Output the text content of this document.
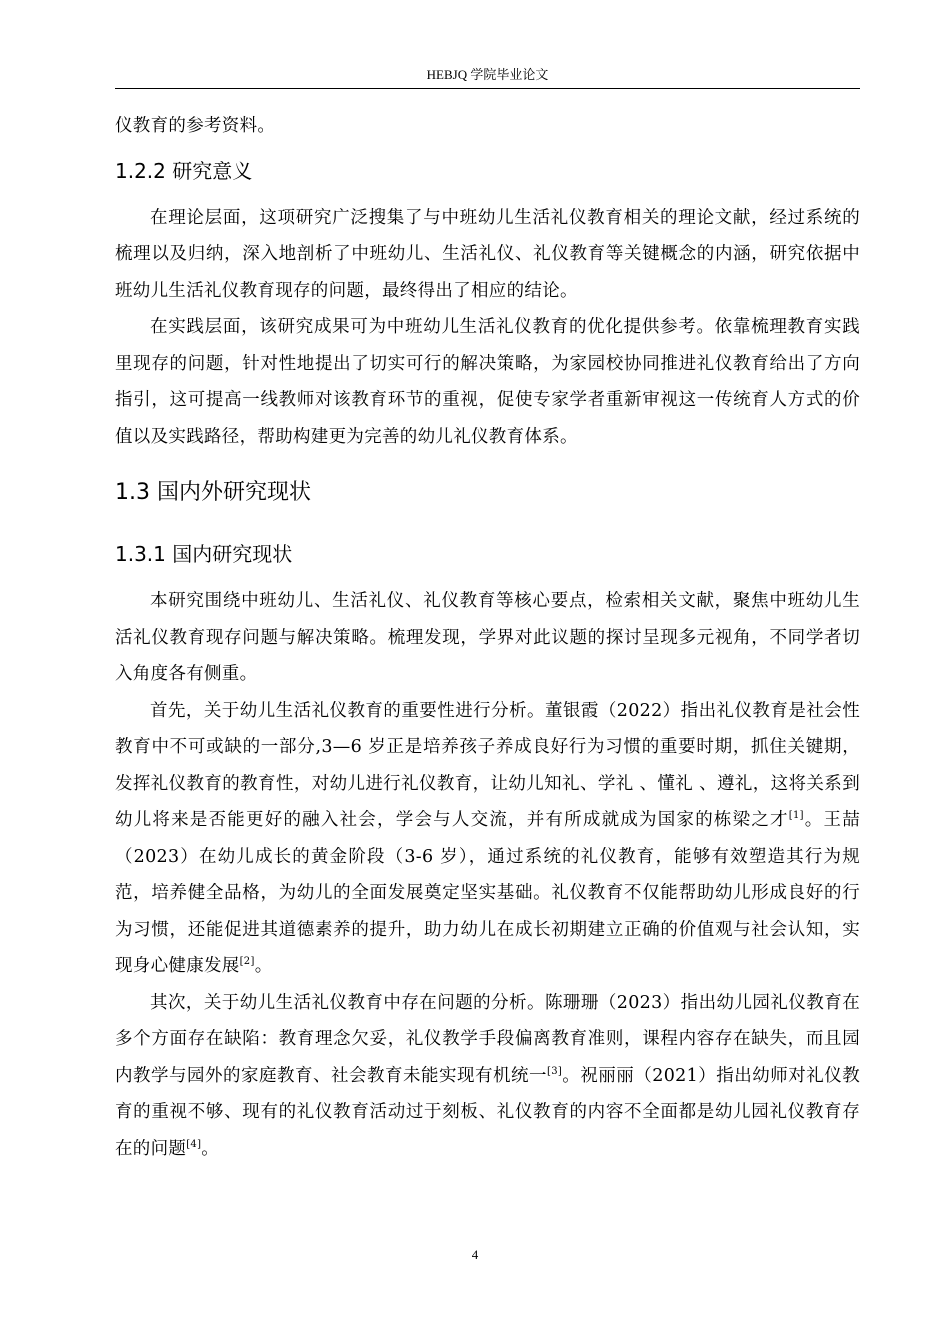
HEBJQ 学院毕业论文

仪教育的参考资料。

1.2.2 研究意义

在理论层面，这项研究广泛搜集了与中班幼儿生活礼仪教育相关的理论文献，经过系统的梳理以及归纳，深入地剖析了中班幼儿、生活礼仪、礼仪教育等关键概念的内涵，研究依据中班幼儿生活礼仪教育现存的问题，最终得出了相应的结论。

在实践层面，该研究成果可为中班幼儿生活礼仪教育的优化提供参考。依靠梳理教育实践里现存的问题，针对性地提出了切实可行的解决策略，为家园校协同推进礼仪教育给出了方向指引，这可提高一线教师对该教育环节的重视，促使专家学者重新审视这一传统育人方式的价值以及实践路径，帮助构建更为完善的幼儿礼仪教育体系。

1.3 国内外研究现状
1.3.1 国内研究现状

本研究围绕中班幼儿、生活礼仪、礼仪教育等核心要点，检索相关文献，聚焦中班幼儿生活礼仪教育现存问题与解决策略。梳理发现，学界对此议题的探讨呈现多元视角，不同学者切入角度各有侧重。

首先，关于幼儿生活礼仪教育的重要性进行分析。董银霞（2022）指出礼仪教育是社会性教育中不可或缺的一部分,3—6 岁正是培养孩子养成良好行为习惯的重要时期，抓住关键期，发挥礼仪教育的教育性，对幼儿进行礼仪教育，让幼儿知礼、学礼 、懂礼 、遵礼，这将关系到幼儿将来是否能更好的融入社会，学会与人交流，并有所成就成为国家的栋梁之才[1]。王喆（2023）在幼儿成长的黄金阶段（3-6 岁），通过系统的礼仪教育，能够有效塑造其行为规范，培养健全品格，为幼儿的全面发展奠定坚实基础。礼仪教育不仅能帮助幼儿形成良好的行为习惯，还能促进其道德素养的提升，助力幼儿在成长初期建立正确的价值观与社会认知，实现身心健康发展[2]。

其次，关于幼儿生活礼仪教育中存在问题的分析。陈珊珊（2023）指出幼儿园礼仪教育在多个方面存在缺陷：教育理念欠妥，礼仪教学手段偏离教育准则，课程内容存在缺失，而且园内教学与园外的家庭教育、社会教育未能实现有机统一[3]。祝丽丽（2021）指出幼师对礼仪教育的重视不够、现有的礼仪教育活动过于刻板、礼仪教育的内容不全面都是幼儿园礼仪教育存在的问题[4]。

4
